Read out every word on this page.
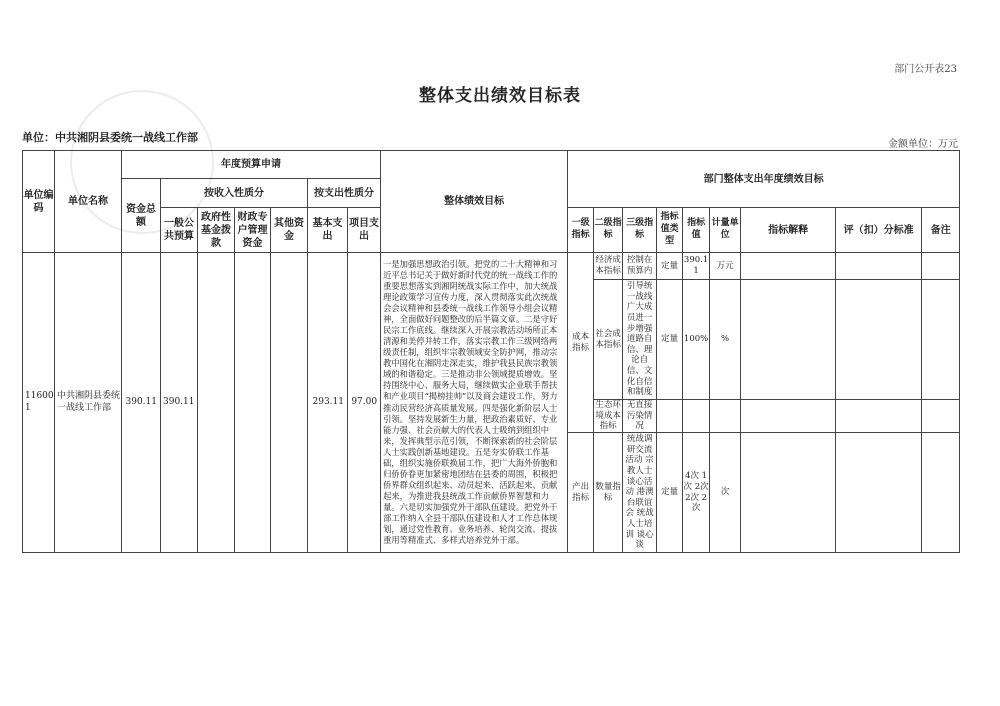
部门公开表23
整体支出绩效目标表
单位：中共湘阴县委统一战线工作部
金额单位：万元
单位编码	单位名称	年度预算申请							整体绩效目标	部门整体支出年度绩效目标								
		资金总额	按收入性质分				按支出性质分											
			一般公共预算	政府性基金拨款	财政专户管理资金	其他资金	基本支出	项目支出		一级指标	二级指标	三级指标	指标值类型	指标值	计量单位	指标解释	评（扣）分标准	备注
116001	中共湘阴县委统一战线工作部	390.11	390.11				293.11	97.00	一是加强思想政治引领。把党的二十大精神和习近平总书记关于做好新时代党的统一战线工作的重要思想落实到湘阴统战实际工作中，加大统战理论政策学习宣传力度，深入贯彻落实此次统战会会议精神和县委统一战线工作领导小组会议精神，全面做好问题整改的后半篇文章。二是守好民宗工作底线。继续深入开展宗教活动场所正本清源和美停并转工作，落实宗教工作三级网络两级责任制，组织牢宗教领域安全防护网，推动宗教中国化在湘阴走深走实，维护我县民族宗教领域的和谐稳定。三是推动非公领域提质增效。坚持围绕中心、服务大局，继续做实企业联手帮扶和产业项目“揭榜挂帅”以及商会建设工作，努力推动民营经济高质量发展。四是强化新阶层人士引领。坚持发展新生力量，把政治素质好、专业能力强、社会贡献大的代表人士吸纳到组织中来，发挥典型示范引领，不断探索新的社会阶层人士实践创新基地建设。五是夯实侨联工作基础，组织实施侨联换届工作，把广大海外侨胞和归侨侨眷更加紧密地团结在县委的周围，积极把侨界群众组织起来、动员起来、活跃起来、贡献起来，为推进我县统战工作贡献侨界智慧和力量。六是切实加强党外干部队伍建设。把党外干部工作纳入全县干部队伍建设和人才工作总体规划，通过党性教育、业务培养、轮岗交流、提拔重用等精准式、多样式培养党外干部。	成本指标	经济成本指标	控制在预算内	定量	390.11	万元			
											社会成本指标	引导统一战线广大成员进一步增强道路自信、理论自信、文化自信和制度	定量	100%	%			
											生态环境成本指标	无直接污染情况						
										产出指标	数量指标	统战调研交流活动 宗教人士谈心活动 港澳台联谊会 统战人士培训 谈心谈	定量	4次 1次 2次 2次 2次	次			
